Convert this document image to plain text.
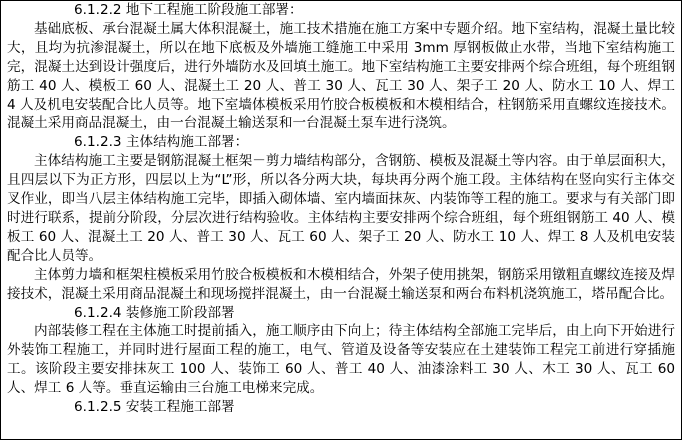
6.1.2.2 地下工程施工阶段施工部署：

基础底板、承台混凝土属大体积混凝土，施工技术措施在施工方案中专题介绍。地下室结构，混凝土量比较大，且均为抗渗混凝土，所以在地下底板及外墙施工缝施工中采用 3mm 厚钢板做止水带，当地下室结构施工完，混凝土达到设计强度后，进行外墙防水及回填土施工。地下室结构施工主要安排两个综合班组，每个班组钢筋工 40 人、模板工 60 人、混凝土工 20 人、普工 30 人、瓦工 30 人、架子工 20 人、防水工 10 人、焊工 4 人及机电安装配合比人员等。地下室墙体模板采用竹胶合板模板和木模相结合，柱钢筋采用直螺纹连接技术。混凝土采用商品混凝土，由一台混凝土输送泵和一台混凝土泵车进行浇筑。

6.1.2.3 主体结构施工部署：

主体结构施工主要是钢筋混凝土框架－剪力墙结构部分，含钢筋、模板及混凝土等内容。由于单层面积大，且四层以下为正方形，四层以上为“L”形，所以各分两大块，每块再分两个施工段。主体结构在竖向实行主体交叉作业，即当八层主体结构施工完毕，即插入砌体墙、室内墙面抹灰、内装饰等工程的施工。要求与有关部门即时进行联系，提前分阶段，分层次进行结构验收。主体结构主要安排两个综合班组，每个班组钢筋工 40 人、模板工 60 人、混凝土工 20 人、普工 30 人、瓦工 60 人、架子工 20 人、防水工 10 人、焊工 8 人及机电安装配合比人员等。

主体剪力墙和框架柱模板采用竹胶合板模板和木模相结合，外架子使用挑架，钢筋采用镦粗直螺纹连接及焊接技术，混凝土采用商品混凝土和现场搅拌混凝土，由一台混凝土输送泵和两台布料机浇筑施工，塔吊配合比。

6.1.2.4 装修施工阶段部署

内部装修工程在主体施工时提前插入，施工顺序由下向上；待主体结构全部施工完毕后，由上向下开始进行外装饰工程施工，并同时进行屋面工程的施工，电气、管道及设备等安装应在土建装饰工程完工前进行穿插施工。该阶段主要安排抹灰工 100 人、装饰工 60 人、普工 40 人、油漆涂料工 30 人、木工 30 人、瓦工 60 人、焊工 6 人等。垂直运输由三台施工电梯来完成。

6.1.2.5 安装工程施工部署
